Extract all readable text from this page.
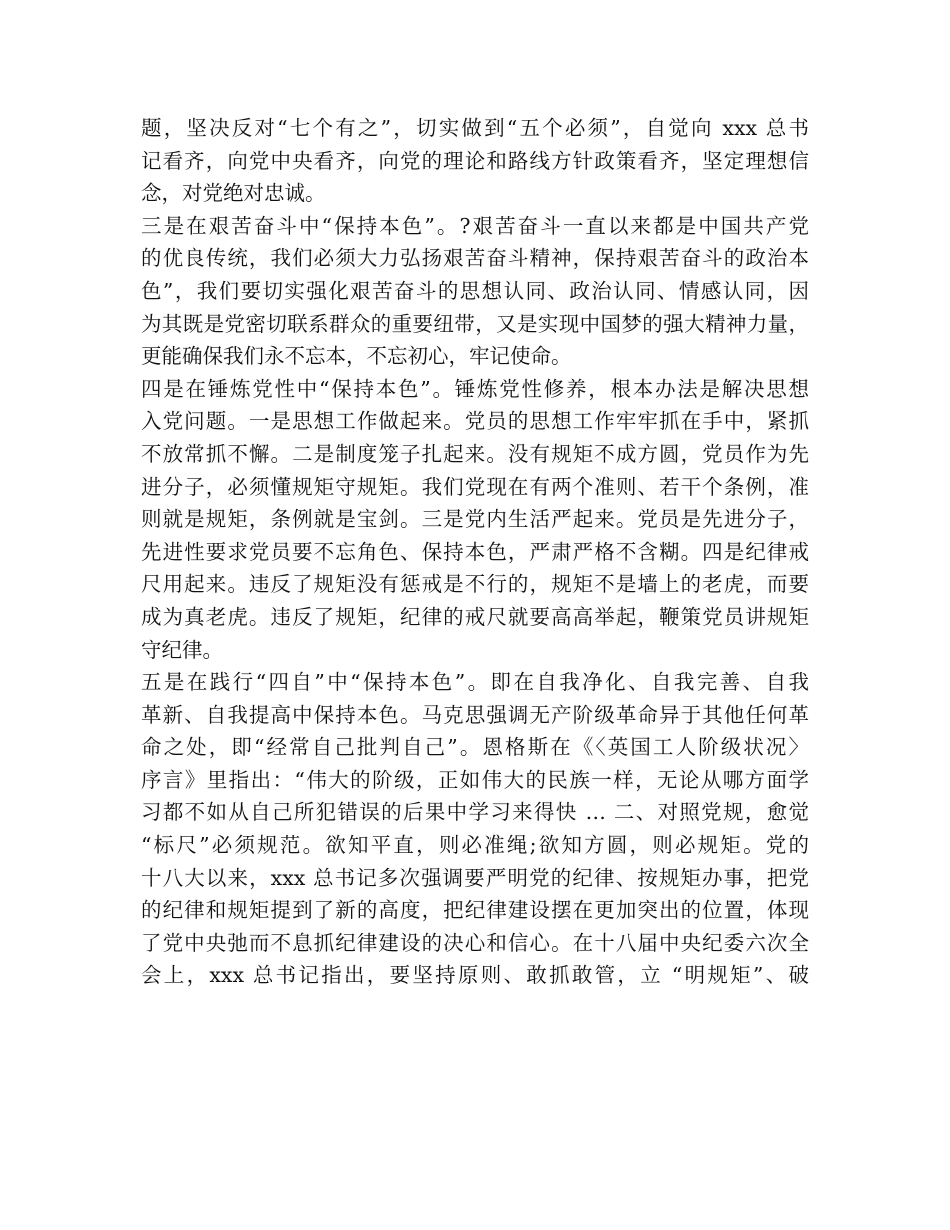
题，坚决反对“七个有之”，切实做到“五个必须”，自觉向 xxx 总书
记看齐，向党中央看齐，向党的理论和路线方针政策看齐，坚定理想信
念，对党绝对忠诚。
三是在艰苦奋斗中“保持本色”。?艰苦奋斗一直以来都是中国共产党
的优良传统，我们必须大力弘扬艰苦奋斗精神，保持艰苦奋斗的政治本
色”，我们要切实强化艰苦奋斗的思想认同、政治认同、情感认同，因
为其既是党密切联系群众的重要纽带，又是实现中国梦的强大精神力量，
更能确保我们永不忘本，不忘初心，牢记使命。
四是在锤炼党性中“保持本色”。锤炼党性修养，根本办法是解决思想
入党问题。一是思想工作做起来。党员的思想工作牢牢抓在手中，紧抓
不放常抓不懈。二是制度笼子扎起来。没有规矩不成方圆，党员作为先
进分子，必须懂规矩守规矩。我们党现在有两个准则、若干个条例，准
则就是规矩，条例就是宝剑。三是党内生活严起来。党员是先进分子，
先进性要求党员要不忘角色、保持本色，严肃严格不含糊。四是纪律戒
尺用起来。违反了规矩没有惩戒是不行的，规矩不是墙上的老虎，而要
成为真老虎。违反了规矩，纪律的戒尺就要高高举起，鞭策党员讲规矩
守纪律。
五是在践行“四自”中“保持本色”。即在自我净化、自我完善、自我
革新、自我提高中保持本色。马克思强调无产阶级革命异于其他任何革
命之处，即“经常自己批判自己”。恩格斯在《〈英国工人阶级状况〉
序言》里指出：“伟大的阶级，正如伟大的民族一样，无论从哪方面学
习都不如从自己所犯错误的后果中学习来得快 … 二、对照党规，愈觉
“标尺”必须规范。欲知平直，则必准绳;欲知方圆，则必规矩。党的
十八大以来，xxx 总书记多次强调要严明党的纪律、按规矩办事，把党
的纪律和规矩提到了新的高度，把纪律建设摆在更加突出的位置，体现
了党中央弛而不息抓纪律建设的决心和信心。在十八届中央纪委六次全
会上，xxx 总书记指出，要坚持原则、敢抓敢管，立 “明规矩”、破
